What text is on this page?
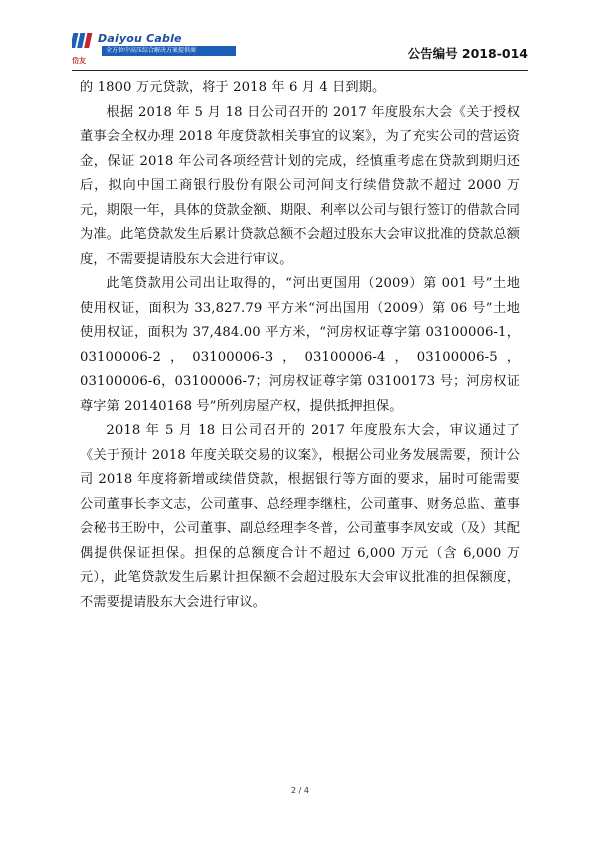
Daiyou Cable
全方位中高压综合解决方案提供商
岱友	公告编号 2018-014

的 1800 万元贷款，将于 2018 年 6 月 4 日到期。

根据 2018 年 5 月 18 日公司召开的 2017 年度股东大会《关于授权董事会全权办理 2018 年度贷款相关事宜的议案》，为了充实公司的营运资金，保证 2018 年公司各项经营计划的完成，经慎重考虑在贷款到期归还后，拟向中国工商银行股份有限公司河间支行续借贷款不超过 2000 万元，期限一年，具体的贷款金额、期限、利率以公司与银行签订的借款合同为准。此笔贷款发生后累计贷款总额不会超过股东大会审议批准的贷款总额度，不需要提请股东大会进行审议。

此笔贷款用公司出让取得的，“河出更国用（2009）第 001 号”土地使用权证，面积为 33,827.79 平方米“河出国用（2009）第 06 号”土地使用权证，面积为 37,484.00 平方米，“河房权证尊字第 03100006-1，03100006-2，03100006-3，03100006-4，03100006-5，03100006-6，03100006-7；河房权证尊字第 03100173 号；河房权证尊字第 20140168 号”所列房屋产权，提供抵押担保。

2018 年 5 月 18 日公司召开的 2017 年度股东大会，审议通过了《关于预计 2018 年度关联交易的议案》，根据公司业务发展需要，预计公司 2018 年度将新增或续借贷款，根据银行等方面的要求，届时可能需要公司董事长李文志，公司董事、总经理李继柱，公司董事、财务总监、董事会秘书王盼中，公司董事、副总经理李冬普，公司董事李凤安或（及）其配偶提供保证担保。担保的总额度合计不超过 6,000 万元（含 6,000 万元），此笔贷款发生后累计担保额不会超过股东大会审议批准的担保额度，不需要提请股东大会进行审议。

2 / 4
